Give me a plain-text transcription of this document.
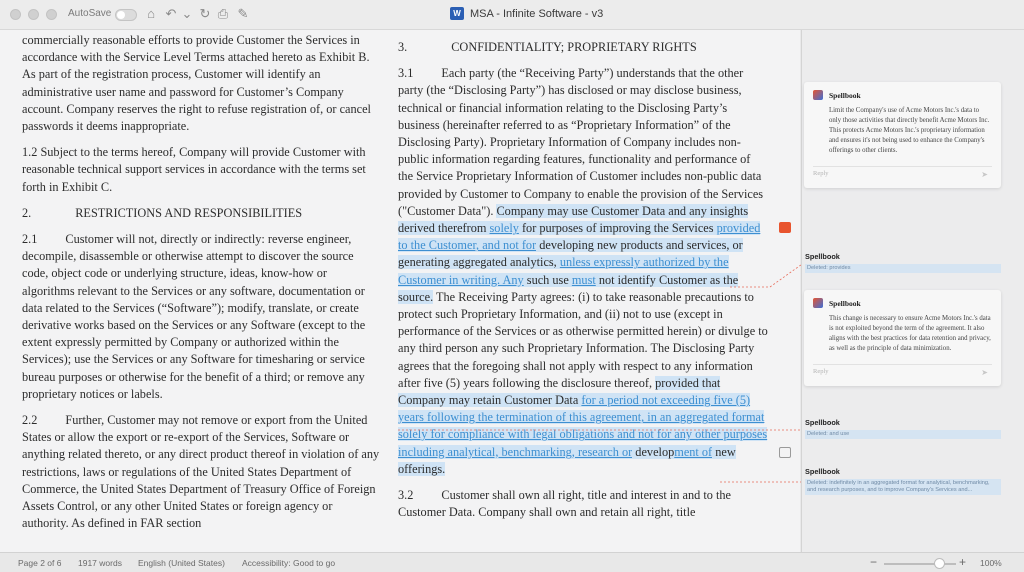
AutoSave	⌂ ↶ ⌄ ↻ ⎙ ✎	W MSA - Infinite Software - v3

commercially reasonable efforts to provide Customer the Services in accordance with the Service Level Terms attached hereto as Exhibit B. As part of the registration process, Customer will identify an administrative user name and password for Customer’s Company account. Company reserves the right to refuse registration of, or cancel passwords it deems inappropriate.

1.2 Subject to the terms hereof, Company will provide Customer with reasonable technical support services in accordance with the terms set forth in Exhibit C.

2.	RESTRICTIONS AND RESPONSIBILITIES

2.1 Customer will not, directly or indirectly: reverse engineer, decompile, disassemble or otherwise attempt to discover the source code, object code or underlying structure, ideas, know-how or algorithms relevant to the Services or any software, documentation or data related to the Services (“Software”); modify, translate, or create derivative works based on the Services or any Software (except to the extent expressly permitted by Company or authorized within the Services); use the Services or any Software for timesharing or service bureau purposes or otherwise for the benefit of a third; or remove any proprietary notices or labels.

2.2 Further, Customer may not remove or export from the United States or allow the export or re-export of the Services, Software or anything related thereto, or any direct product thereof in violation of any restrictions, laws or regulations of the United States Department of Commerce, the United States Department of Treasury Office of Foreign Assets Control, or any other United States or foreign agency or authority. As defined in FAR section

3.	CONFIDENTIALITY; PROPRIETARY RIGHTS

3.1 Each party (the “Receiving Party”) understands that the other party (the “Disclosing Party”) has disclosed or may disclose business, technical or financial information relating to the Disclosing Party’s business (hereinafter referred to as “Proprietary Information” of the Disclosing Party). Proprietary Information of Company includes non-public information regarding features, functionality and performance of the Service Proprietary Information of Customer includes non-public data provided by Customer to Company to enable the provision of the Services ("Customer Data"). Company may use Customer Data and any insights derived therefrom solely for purposes of improving the Services provided to the Customer, and not for developing new products and services, or generating aggregated analytics, unless expressly authorized by the Customer in writing. Any such use must not identify Customer as the source. The Receiving Party agrees: (i) to take reasonable precautions to protect such Proprietary Information, and (ii) not to use (except in performance of the Services or as otherwise permitted herein) or divulge to any third person any such Proprietary Information. The Disclosing Party agrees that the foregoing shall not apply with respect to any information after five (5) years following the disclosure thereof, provided that Company may retain Customer Data for a period not exceeding five (5) years following the termination of this agreement, in an aggregated format solely for compliance with legal obligations and not for any other purposes including analytical, benchmarking, research or development of new offerings.

3.2 Customer shall own all right, title and interest in and to the Customer Data. Company shall own and retain all right, title

Spellbook
Limit the Company's use of Acme Motors Inc.'s data to only those activities that directly benefit Acme Motors Inc. This protects Acme Motors Inc.'s proprietary information and ensures it's not being used to enhance the Company's offerings to other clients.
Reply	➤
Spellbook
Deleted: provides
Spellbook
This change is necessary to ensure Acme Motors Inc.'s data is not exploited beyond the term of the agreement. It also aligns with the best practices for data retention and privacy, as well as the principle of data minimization.
Reply	➤
Spellbook
Deleted: and use
Spellbook
Deleted: indefinitely in an aggregated format for analytical, benchmarking, and research purposes, and to improve Company's Services and...
Page 2 of 6 1917 words English (United States) Accessibility: Good to go	−	+ 100%
